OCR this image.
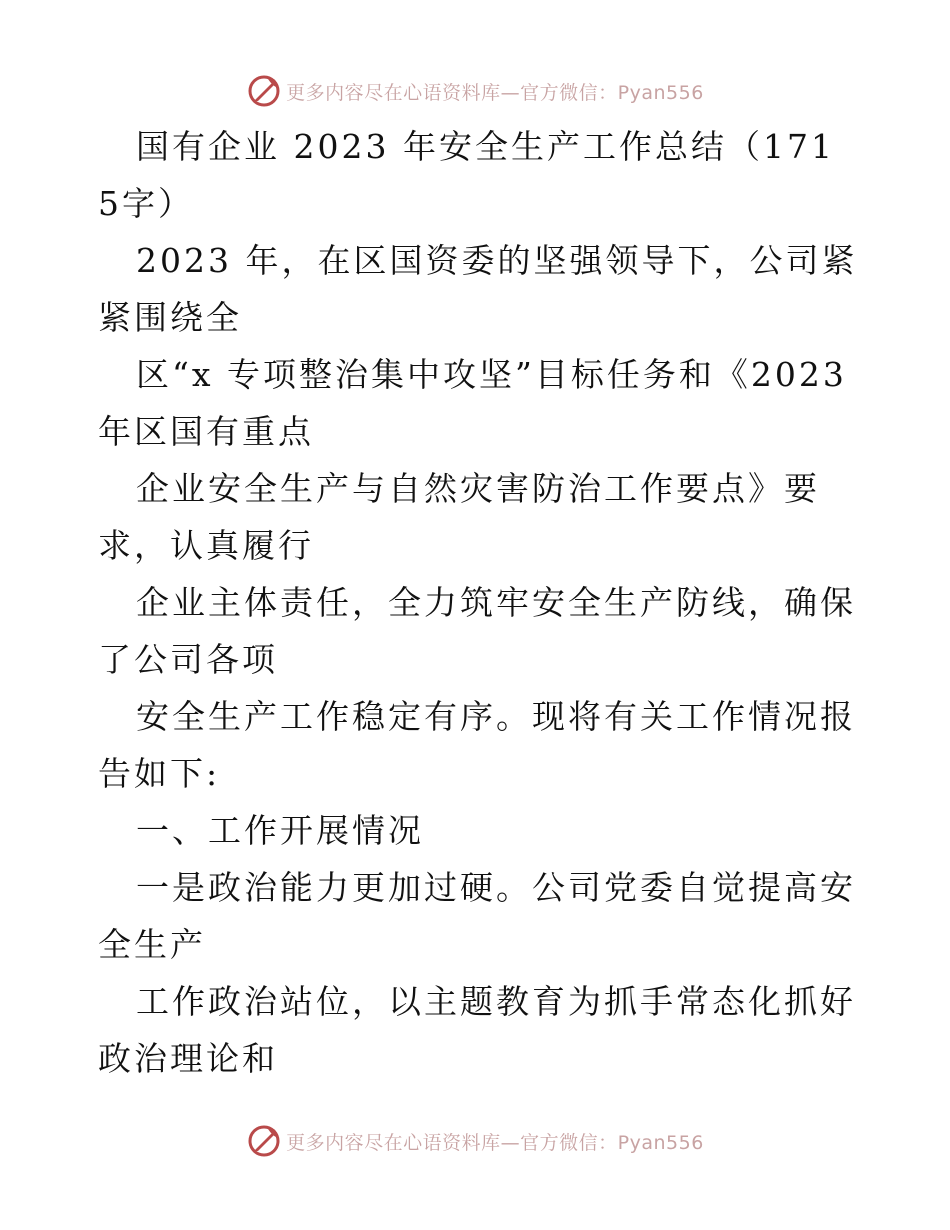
更多内容尽在心语资料库—官方微信：Pyan556

国有企业 2023 年安全生产工作总结（1715字）

2023 年，在区国资委的坚强领导下，公司紧紧围绕全

区“x 专项整治集中攻坚”目标任务和《2023年区国有重点

企业安全生产与自然灾害防治工作要点》要求，认真履行

企业主体责任，全力筑牢安全生产防线，确保了公司各项

安全生产工作稳定有序。现将有关工作情况报告如下:

一、工作开展情况

一是政治能力更加过硬。公司党委自觉提高安全生产

工作政治站位，以主题教育为抓手常态化抓好政治理论和

更多内容尽在心语资料库—官方微信：Pyan556
